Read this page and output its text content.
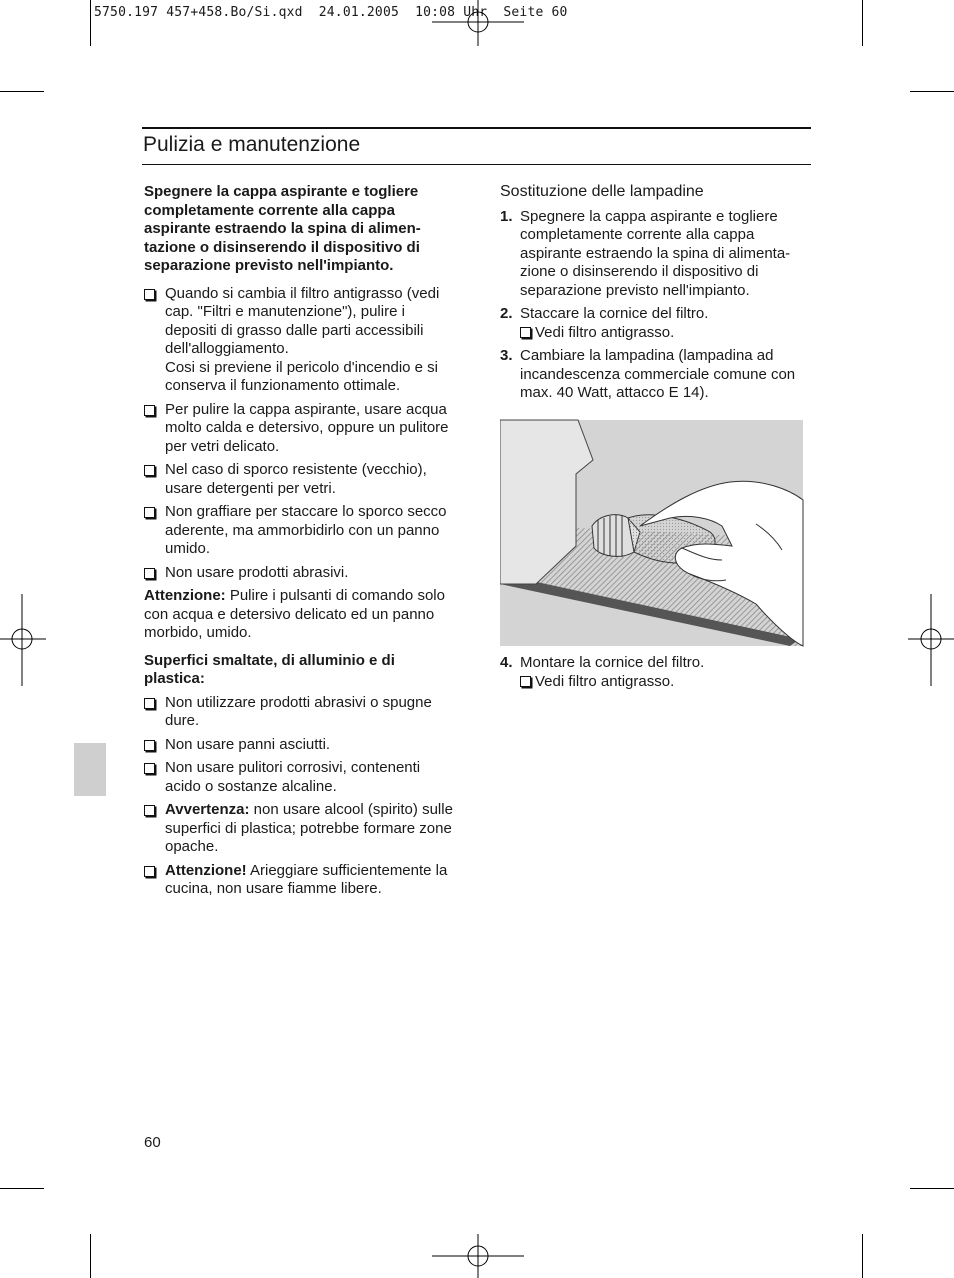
5750.197 457+458.Bo/Si.qxd  24.01.2005  10:08 Uhr  Seite 60
Pulizia e manutenzione

Spegnere la cappa aspirante e togliere completamente corrente alla cappa aspirante estraendo la spina di alimen-tazione o disinserendo il dispositivo di separazione previsto nell'impianto.

Quando si cambia il filtro antigrasso (vedi cap. "Filtri e manutenzione"), pulire i depositi di grasso dalle parti accessibili dell'alloggiamento.
Cosi si previene il pericolo d'incendio e si conserva il funzionamento ottimale.
Per pulire la cappa aspirante, usare acqua molto calda e detersivo, oppure un pulitore per vetri delicato.
Nel caso di sporco resistente (vecchio), usare detergenti per vetri.
Non graffiare per staccare lo sporco secco aderente, ma ammorbidirlo con un panno umido.
Non usare prodotti abrasivi.

Attenzione: Pulire i pulsanti di comando solo con acqua e detersivo delicato ed un panno morbido, umido.

Superfici smaltate, di alluminio e di plastica:

Non utilizzare prodotti abrasivi o spugne dure.
Non usare panni asciutti.
Non usare pulitori corrosivi, contenenti acido o sostanze alcaline.
Avvertenza: non usare alcool (spirito) sulle superfici di plastica; potrebbe formare zone opache.
Attenzione! Arieggiare sufficientemente la cucina, non usare fiamme libere.
Sostituzione delle lampadine
1. Spegnere la cappa aspirante e togliere completamente corrente alla cappa aspirante estraendo la spina di alimenta-zione o disinserendo il dispositivo di separazione previsto nell'impianto.
2. Staccare la cornice del filtro.
Vedi filtro antigrasso.
3. Cambiare la lampadina (lampadina ad incandescenza commerciale comune con max. 40 Watt, attacco E 14).
4. Montare la cornice del filtro.
Vedi filtro antigrasso.
60
